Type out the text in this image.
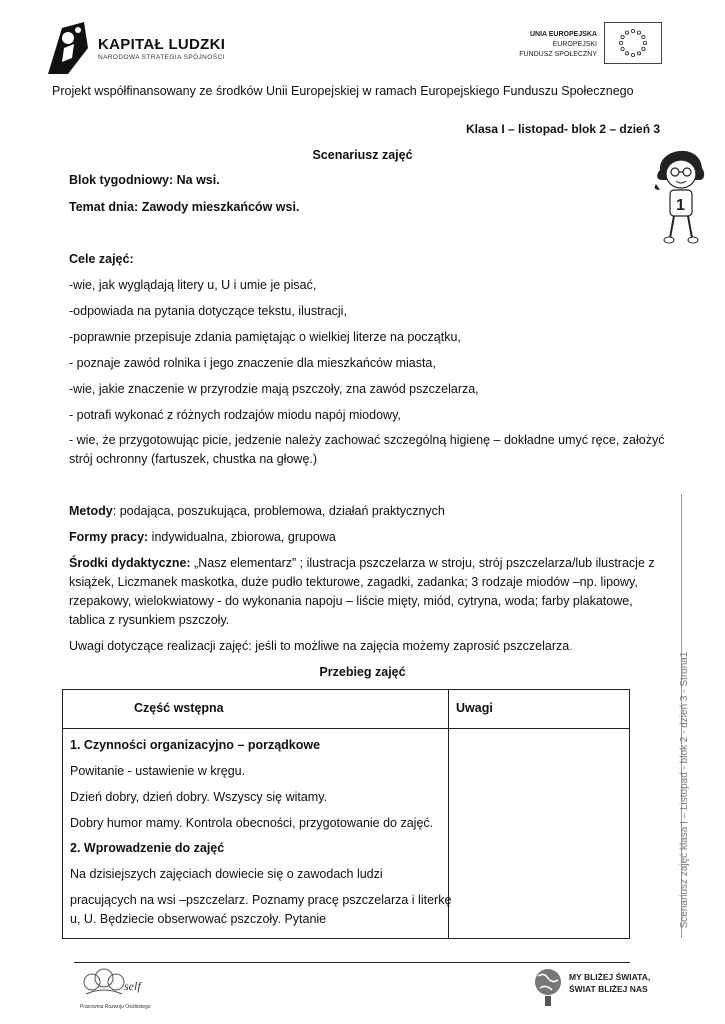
KAPITAŁ LUDZKI
NARODOWA STRATEGIA SPÓJNOŚCI
UNIA EUROPEJSKA
EUROPEJSKI
FUNDUSZ SPOŁECZNY
Projekt współfinansowany ze środków Unii Europejskiej w ramach Europejskiego Funduszu Społecznego
Klasa I – listopad- blok 2 – dzień 3
Scenariusz zajęć
1
Blok tygodniowy: Na wsi.
Temat dnia: Zawody mieszkańców wsi.
Cele zajęć:
-wie, jak wyglądają litery u, U i umie je pisać,
-odpowiada na pytania dotyczące tekstu, ilustracji,
-poprawnie przepisuje zdania pamiętając o wielkiej literze na początku,
- poznaje zawód rolnika i jego znaczenie dla mieszkańców miasta,
-wie, jakie znaczenie w przyrodzie mają pszczoły, zna zawód pszczelarza,
- potrafi wykonać z różnych rodzajów miodu napój miodowy,
- wie, że przygotowując picie, jedzenie należy zachować szczególną higienę – dokładne umyć ręce, założyć
strój ochronny (fartuszek, chustka na głowę.)
Metody: podająca, poszukująca, problemowa, działań praktycznych
Formy pracy: indywidualna, zbiorowa, grupowa
Środki dydaktyczne: „Nasz elementarz” ; ilustracja pszczelarza w stroju, strój pszczelarza/lub ilustracje z
książek, Liczmanek maskotka, duże pudło tekturowe, zagadki, zadanka; 3 rodzaje miodów –np. lipowy,
rzepakowy, wielokwiatowy - do wykonania napoju – liście mięty, miód, cytryna, woda; farby plakatowe,
tablica z rysunkiem pszczoły.
Uwagi dotyczące realizacji zajęć: jeśli to możliwe na zajęcia możemy zaprosić pszczelarza.
Przebieg zajęć
Część wstępna	Uwagi
1. Czynności organizacyjno – porządkowe
Powitanie - ustawienie w kręgu.
Dzień dobry, dzień dobry. Wszyscy się witamy.
Dobry humor mamy. Kontrola obecności, przygotowanie do zajęć.
2. Wprowadzenie do zajęć
Na dzisiejszych zajęciach dowiecie się o zawodach ludzi
pracujących na wsi –pszczelarz. Poznamy pracę pszczelarza i literkę
u, U. Będziecie obserwować pszczoły. Pytanie	Scenariusz zajęć klasa I – Listopad - blok 2 - dzień 3 - Strona1
self
Pracownia Rozwoju Osobistego
MY BLIŻEJ ŚWIATA,
ŚWIAT BLIŻEJ NAS
